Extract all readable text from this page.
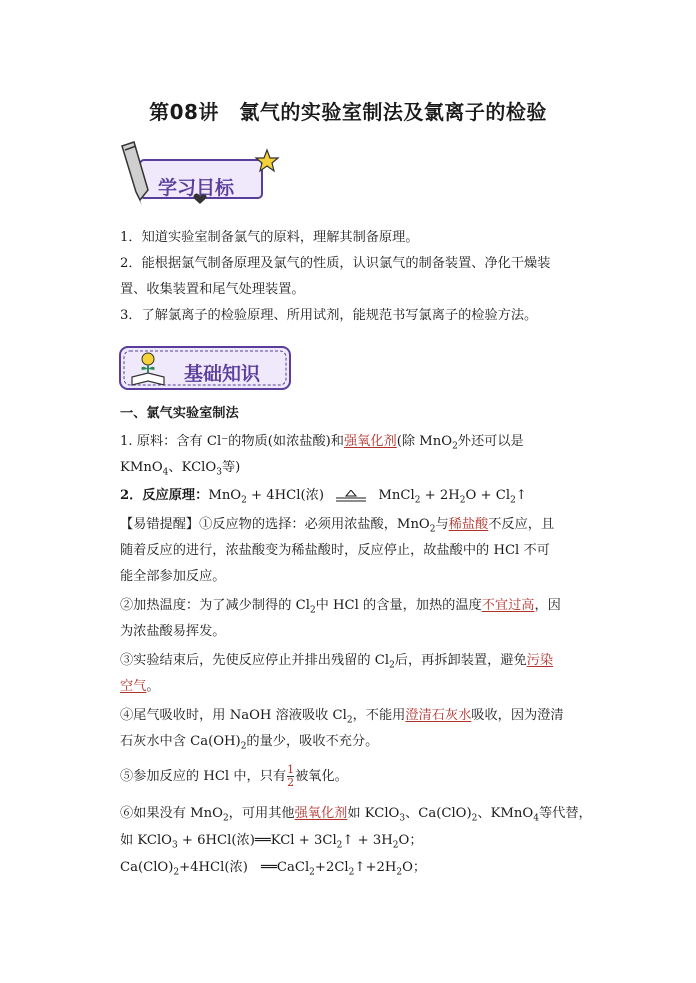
第08讲　氯气的实验室制法及氯离子的检验
学习目标
1．知道实验室制备氯气的原料，理解其制备原理。
2．能根据氯气制备原理及氯气的性质，认识氯气的制备装置、净化干燥装
置、收集装置和尾气处理装置。
3．了解氯离子的检验原理、所用试剂，能规范书写氯离子的检验方法。
基础知识
一、氯气实验室制法
1. 原料：含有 Cl⁻的物质(如浓盐酸)和强氧化剂(除 MnO$_2$外还可以是
KMnO$_4$、KClO$_3$等)
2．反应原理：MnO$_2$ + 4HCl(浓)	MnCl$_2$ + $2H_2O$ + $Cl_2↑$
【易错提醒】①反应物的选择：必须用浓盐酸，MnO$_2$与稀盐酸不反应，且
随着反应的进行，浓盐酸变为稀盐酸时，反应停止，故盐酸中的 HCl 不可
能全部参加反应。
②加热温度：为了减少制得的 $Cl_2$中 HCl 的含量，加热的温度不宜过高，因
为浓盐酸易挥发。
③实验结束后，先使反应停止并排出残留的 $Cl_2$后，再拆卸装置，避免污染
空气。
④尾气吸收时，用 NaOH 溶液吸收 $Cl_2$，不能用澄清石灰水吸收，因为澄清
石灰水中含 $Ca(OH)_2$的量少，吸收不充分。
⑤参加反应的 HCl 中，只有 $\frac{1}{2}$ 被氧化。
⑥如果没有 MnO$_2$，可用其他强氧化剂如 KClO$_3$、$Ca(ClO)_2$、KMnO$_4$等代替，
如 KClO$_3$ + 6HCl(浓)══KCl + $3Cl_2↑ + 3H_2O$；
$Ca(ClO)_2+4HCl$(浓)　$══CaCl_2+2Cl_2↑+2H_2O$；
